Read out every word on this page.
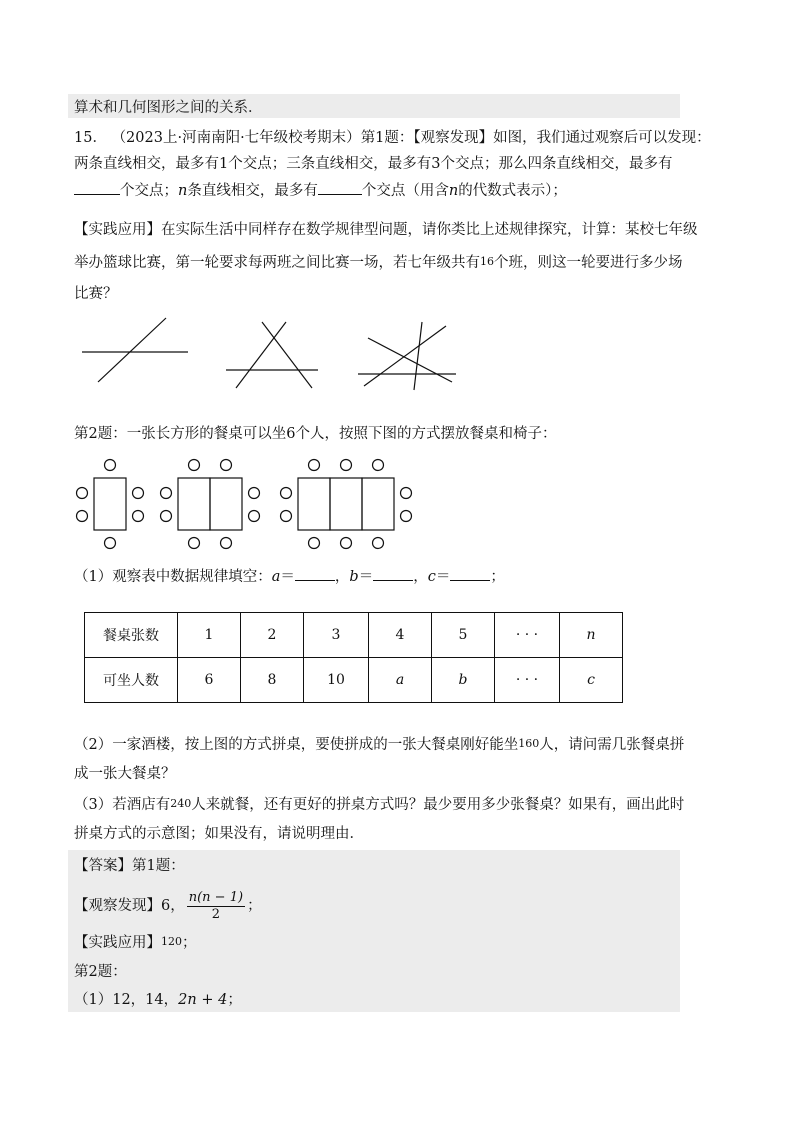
算术和几何图形之间的关系．
15． （2023上·河南南阳·七年级校考期末）第1题：【观察发现】如图，我们通过观察后可以发现：
两条直线相交，最多有1个交点；三条直线相交，最多有3个交点；那么四条直线相交，最多有
个交点；n条直线相交，最多有	个交点（用含n的代数式表示）；
【实践应用】在实际生活中同样存在数学规律型问题，请你类比上述规律探究，计算：某校七年级
举办篮球比赛，第一轮要求每两班之间比赛一场，若七年级共有16个班，则这一轮要进行多少场
比赛？
第2题：一张长方形的餐桌可以坐6个人，按照下图的方式摆放餐桌和椅子：
（1）观察表中数据规律填空：a＝	，b＝	，c＝	；
餐桌张数	1	2	3	4	5	· · ·	n
可坐人数	6	8	10	a	b	· · ·	c
（2）一家酒楼，按上图的方式拼桌，要使拼成的一张大餐桌刚好能坐160人，请问需几张餐桌拼
成一张大餐桌？
（3）若酒店有240人来就餐，还有更好的拼桌方式吗？最少要用多少张餐桌？如果有，画出此时
拼桌方式的示意图；如果没有，请说明理由．
【答案】第1题：
【观察发现】6， $\frac{n(n - 1)}{2}$ ；
【实践应用】120；
第2题：
（1）12，14，2n + 4；
